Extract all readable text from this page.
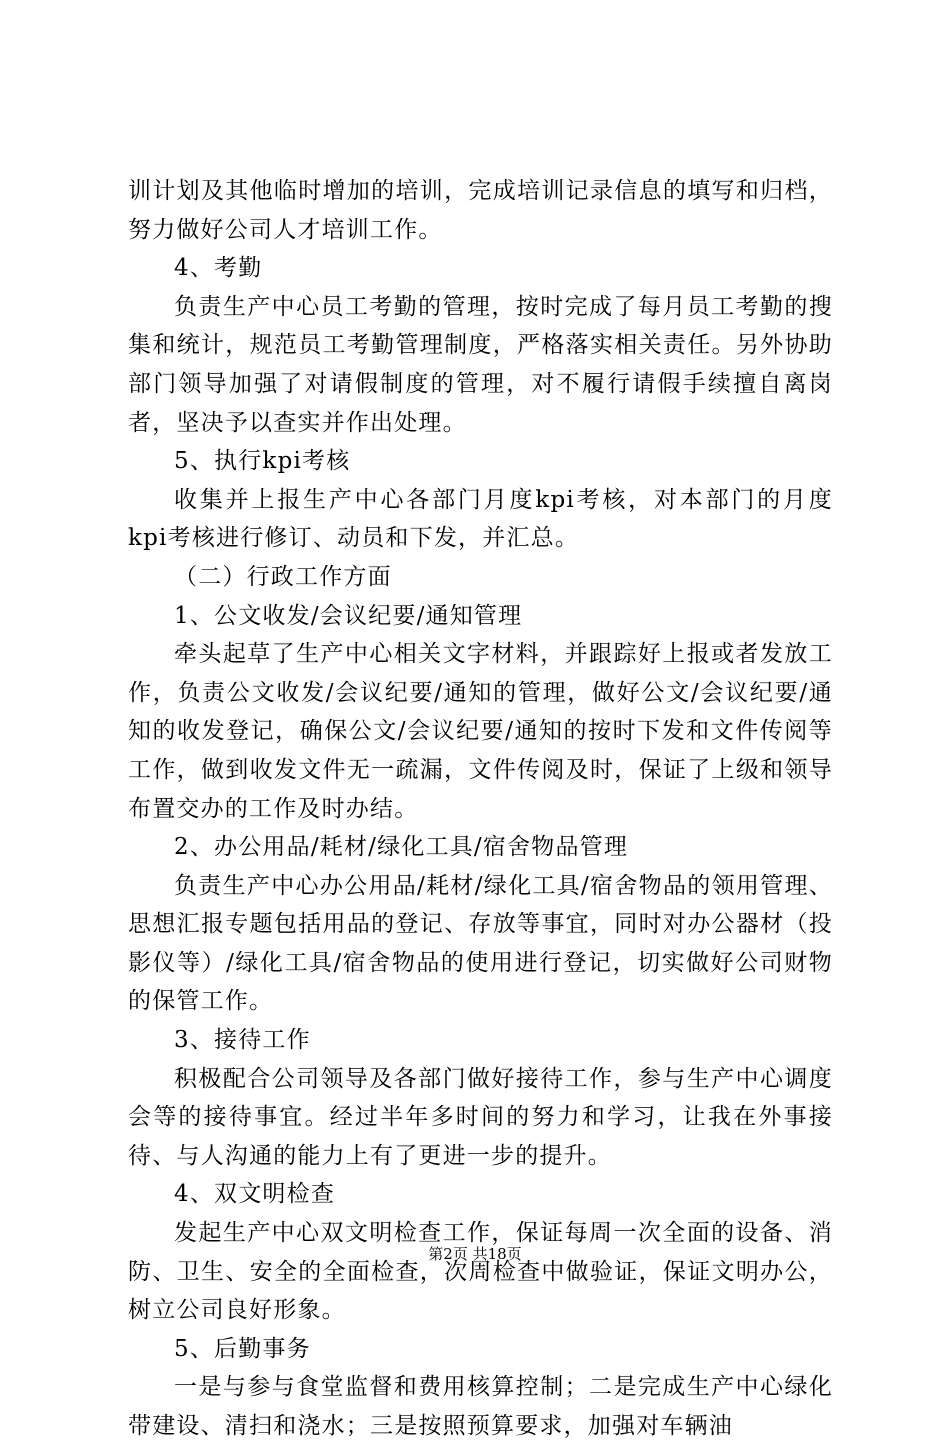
训计划及其他临时增加的培训，完成培训记录信息的填写和归档，努力做好公司人才培训工作。

4、考勤

负责生产中心员工考勤的管理，按时完成了每月员工考勤的搜集和统计，规范员工考勤管理制度，严格落实相关责任。另外协助部门领导加强了对请假制度的管理，对不履行请假手续擅自离岗者，坚决予以查实并作出处理。

5、执行kpi考核

收集并上报生产中心各部门月度kpi考核，对本部门的月度kpi考核进行修订、动员和下发，并汇总。

（二）行政工作方面

1、公文收发/会议纪要/通知管理

牵头起草了生产中心相关文字材料，并跟踪好上报或者发放工作，负责公文收发/会议纪要/通知的管理，做好公文/会议纪要/通知的收发登记，确保公文/会议纪要/通知的按时下发和文件传阅等工作，做到收发文件无一疏漏，文件传阅及时，保证了上级和领导布置交办的工作及时办结。

2、办公用品/耗材/绿化工具/宿舍物品管理

负责生产中心办公用品/耗材/绿化工具/宿舍物品的领用管理、思想汇报专题包括用品的登记、存放等事宜，同时对办公器材（投影仪等）/绿化工具/宿舍物品的使用进行登记，切实做好公司财物的保管工作。

3、接待工作

积极配合公司领导及各部门做好接待工作，参与生产中心调度会等的接待事宜。经过半年多时间的努力和学习，让我在外事接待、与人沟通的能力上有了更进一步的提升。

4、双文明检查

发起生产中心双文明检查工作，保证每周一次全面的设备、消防、卫生、安全的全面检查，次周检查中做验证，保证文明办公，树立公司良好形象。

5、后勤事务

一是与参与食堂监督和费用核算控制；二是完成生产中心绿化带建设、清扫和浇水；三是按照预算要求，加强对车辆油

第2页 共18页
